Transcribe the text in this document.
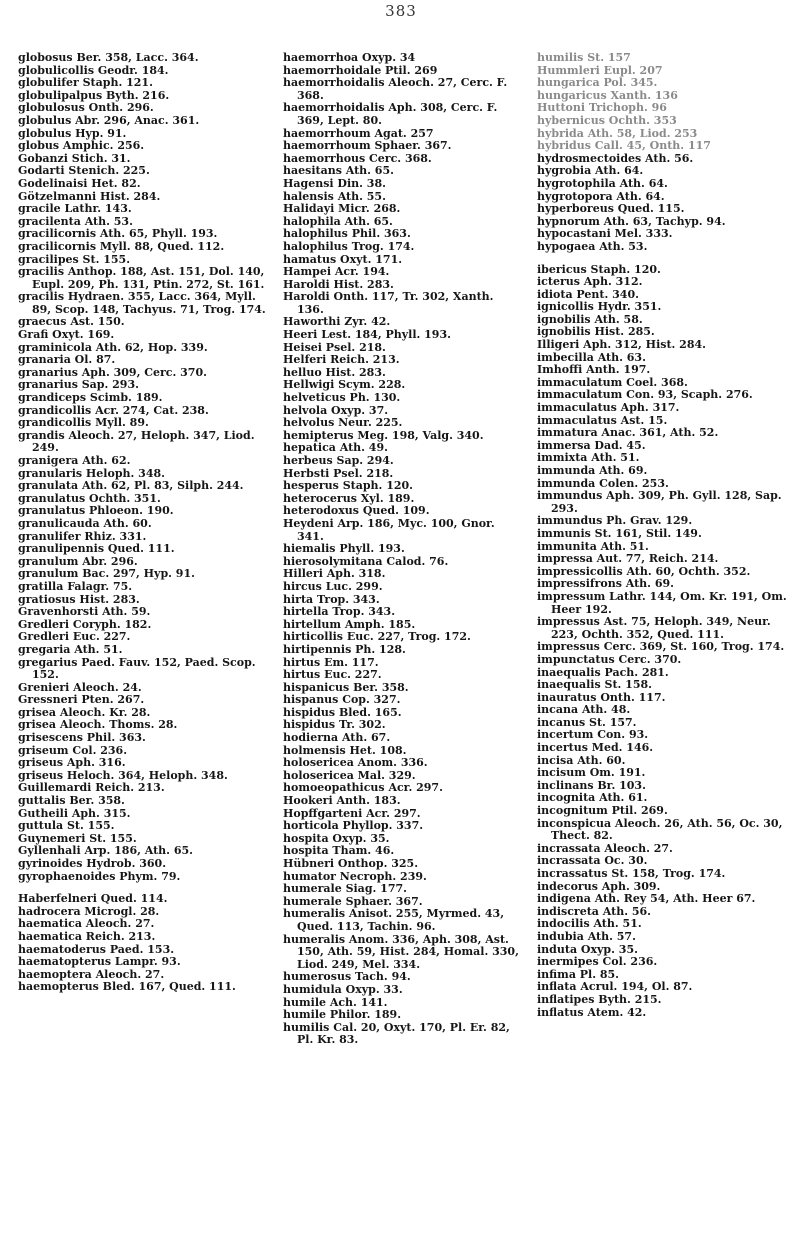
383
globosus Ber. 358, Lacc. 364.
globulicollis Geodr. 184.
globulifer Staph. 121.
globulipalpus Byth. 216.
globulosus Onth. 296.
globulus Abr. 296, Anac. 361.
globulus Hyp. 91.
globus Amphic. 256.
Gobanzi Stich. 31.
Godarti Stenich. 225.
Godelinaisi Het. 82.
Götzelmanni Hist. 284.
gracile Lathr. 143.
gracilenta Ath. 53.
gracilicornis Ath. 65, Phyll. 193.
gracilicornis Myll. 88, Qued. 112.
gracilipes St. 155.
gracilis Anthop. 188, Ast. 151, Dol. 140, Eupl. 209, Ph. 131, Ptin. 272, St. 161.
gracilis Hydraen. 355, Lacc. 364, Myll. 89, Scop. 148, Tachyus. 71, Trog. 174.
graecus Ast. 150.
Grafi Oxyt. 169.
graminicola Ath. 62, Hop. 339.
granaria Ol. 87.
granarius Aph. 309, Cerc. 370.
granarius Sap. 293.
grandiceps Scimb. 189.
grandicollis Acr. 274, Cat. 238.
grandicollis Myll. 89.
grandis Aleoch. 27, Heloph. 347, Liod. 249.
granigera Ath. 62.
granularis Heloph. 348.
granulata Ath. 62, Pl. 83, Silph. 244.
granulatus Ochth. 351.
granulatus Phloeon. 190.
granulicauda Ath. 60.
granulifer Rhiz. 331.
granulipennis Qued. 111.
granulum Abr. 296.
granulum Bac. 297, Hyp. 91.
gratilla Falagr. 75.
gratiosus Hist. 283.
Gravenhorsti Ath. 59.
Gredleri Coryph. 182.
Gredleri Euc. 227.
gregaria Ath. 51.
gregarius Paed. Fauv. 152, Paed. Scop. 152.
Grenieri Aleoch. 24.
Gressneri Pten. 267.
grisea Aleoch. Kr. 28.
grisea Aleoch. Thoms. 28.
grisescens Phil. 363.
griseum Col. 236.
griseus Aph. 316.
griseus Heloch. 364, Heloph. 348.
Guillemardi Reich. 213.
guttalis Ber. 358.
Gutheili Aph. 315.
guttula St. 155.
Guynemeri St. 155.
Gyllenhali Arp. 186, Ath. 65.
gyrinoides Hydrob. 360.
gyrophaenoides Phym. 79.
Haberfelneri Qued. 114.
hadrocera Microgl. 28.
haematica Aleoch. 27.
haematica Reich. 213.
haematoderus Paed. 153.
haematopterus Lampr. 93.
haemoptera Aleoch. 27.
haemopterus Bled. 167, Qued. 111.
haemorrhoa Oxyp. 34
haemorrhoidale Ptil. 269
haemorrhoidalis Aleoch. 27, Cerc. F. 368.
haemorrhoidalis Aph. 308, Cerc. F. 369, Lept. 80.
haemorrhoum Agat. 257
haemorrhoum Sphaer. 367.
haemorrhous Cerc. 368.
haesitans Ath. 65.
Hagensi Din. 38.
halensis Ath. 55.
Halidayi Micr. 268.
halophila Ath. 65.
halophilus Phil. 363.
halophilus Trog. 174.
hamatus Oxyt. 171.
Hampei Acr. 194.
Haroldi Hist. 283.
Haroldi Onth. 117, Tr. 302, Xanth. 136.
Haworthi Zyr. 42.
Heeri Lest. 184, Phyll. 193.
Heisei Psel. 218.
Helferi Reich. 213.
helluo Hist. 283.
Hellwigi Scym. 228.
helveticus Ph. 130.
helvola Oxyp. 37.
helvolus Neur. 225.
hemipterus Meg. 198, Valg. 340.
hepatica Ath. 49.
herbeus Sap. 294.
Herbsti Psel. 218.
hesperus Staph. 120.
heterocerus Xyl. 189.
heterodoxus Qued. 109.
Heydeni Arp. 186, Myc. 100, Gnor. 341.
hiemalis Phyll. 193.
hierosolymitana Calod. 76.
Hilleri Aph. 318.
hircus Luc. 299.
hirta Trop. 343.
hirtella Trop. 343.
hirtellum Amph. 185.
hirticollis Euc. 227, Trog. 172.
hirtipennis Ph. 128.
hirtus Em. 117.
hirtus Euc. 227.
hispanicus Ber. 358.
hispanus Cop. 327.
hispidus Bled. 165.
hispidus Tr. 302.
hodierna Ath. 67.
holmensis Het. 108.
holosericea Anom. 336.
holosericea Mal. 329.
homoeopathicus Acr. 297.
Hookeri Anth. 183.
Hopffgarteni Acr. 297.
horticola Phyllop. 337.
hospita Oxyp. 35.
hospita Tham. 46.
Hübneri Onthop. 325.
humator Necroph. 239.
humerale Siag. 177.
humerale Sphaer. 367.
humeralis Anisot. 255, Myrmed. 43, Qued. 113, Tachin. 96.
humeralis Anom. 336, Aph. 308, Ast. 150, Ath. 59, Hist. 284, Homal. 330, Liod. 249, Mel. 334.
humerosus Tach. 94.
humidula Oxyp. 33.
humile Ach. 141.
humile Philor. 189.
humilis Cal. 20, Oxyt. 170, Pl. Er. 82, Pl. Kr. 83.
humilis St. 157
Hummleri Eupl. 207
hungarica Pol. 345.
hungaricus Xanth. 136
Huttoni Trichoph. 96
hybernicus Ochth. 353
hybrida Ath. 58, Liod. 253
hybridus Call. 45, Onth. 117
hydrosmectoides Ath. 56.
hygrobia Ath. 64.
hygrotophila Ath. 64.
hygrotopora Ath. 64.
hyperboreus Qued. 115.
hypnorum Ath. 63, Tachyp. 94.
hypocastani Mel. 333.
hypogaea Ath. 53.
ibericus Staph. 120.
icterus Aph. 312.
idiota Pent. 340.
ignicollis Hydr. 351.
ignobilis Ath. 58.
ignobilis Hist. 285.
Illigeri Aph. 312, Hist. 284.
imbecilla Ath. 63.
Imhoffi Anth. 197.
immaculatum Coel. 368.
immaculatum Con. 93, Scaph. 276.
immaculatus Aph. 317.
immaculatus Ast. 15.
immatura Anac. 361, Ath. 52.
immersa Dad. 45.
immixta Ath. 51.
immunda Ath. 69.
immunda Colen. 253.
immundus Aph. 309, Ph. Gyll. 128, Sap. 293.
immundus Ph. Grav. 129.
immunis St. 161, Stil. 149.
immunita Ath. 51.
impressa Aut. 77, Reich. 214.
impressicollis Ath. 60, Ochth. 352.
impressifrons Ath. 69.
impressum Lathr. 144, Om. Kr. 191, Om. Heer 192.
impressus Ast. 75, Heloph. 349, Neur. 223, Ochth. 352, Qued. 111.
impressus Cerc. 369, St. 160, Trog. 174.
impunctatus Cerc. 370.
inaequalis Pach. 281.
inaequalis St. 158.
inauratus Onth. 117.
incana Ath. 48.
incanus St. 157.
incertum Con. 93.
incertus Med. 146.
incisa Ath. 60.
incisum Om. 191.
inclinans Br. 103.
incognita Ath. 61.
incognitum Ptil. 269.
inconspicua Aleoch. 26, Ath. 56, Oc. 30, Thect. 82.
incrassata Aleoch. 27.
incrassata Oc. 30.
incrassatus St. 158, Trog. 174.
indecorus Aph. 309.
indigena Ath. Rey 54, Ath. Heer 67.
indiscreta Ath. 56.
indocilis Ath. 51.
indubia Ath. 57.
induta Oxyp. 35.
inermipes Col. 236.
infima Pl. 85.
inflata Acrul. 194, Ol. 87.
inflatipes Byth. 215.
inflatus Atem. 42.
